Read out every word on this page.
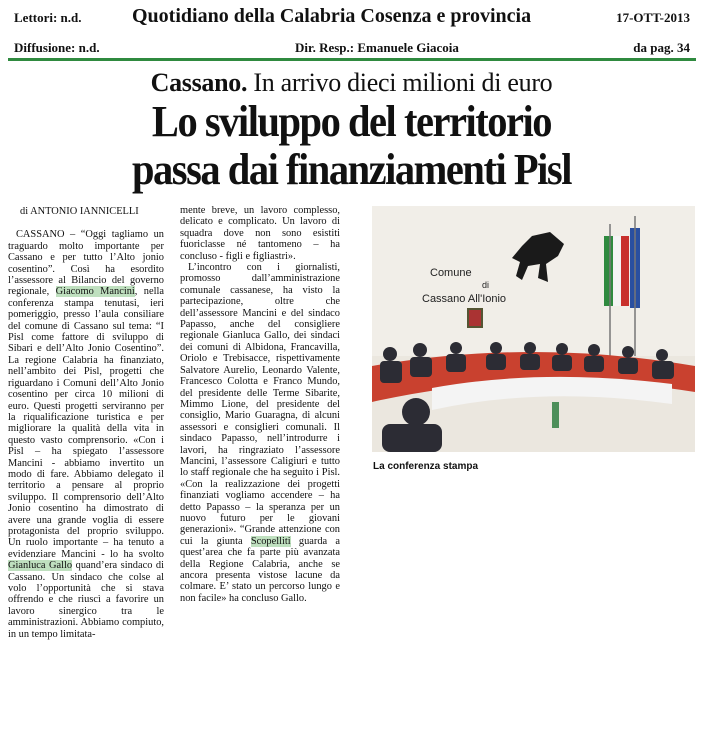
Lettori: n.d.
Diffusione: n.d.
Quotidiano della Calabria Cosenza e provincia
Dir. Resp.: Emanuele Giacoia
17-OTT-2013
da pag. 34
Cassano. In arrivo dieci milioni di euro
Lo sviluppo del territorio
passa dai finanziamenti Pisl
di ANTONIO IANNICELLI

CASSANO – “Oggi tagliamo un traguardo molto importante per Cassano e per tutto l’Alto jonio cosentino”. Così ha esordito l’assessore al Bilancio del governo regionale, Giacomo Mancini, nella conferenza stampa tenutasi, ieri pomeriggio, presso l’aula consiliare del comune di Cassano sul tema: “I Pisl come fattore di sviluppo di Sibari e dell’Alto Jonio Cosentino”. La regione Calabria ha finanziato, nell’ambito dei Pisl, progetti che riguardano i Comuni dell’Alto Jonio cosentino per circa 10 milioni di euro. Questi progetti serviranno per la riqualificazione turistica e per migliorare la qualità della vita in questo vasto comprensorio. «Con i Pisl – ha spiegato l’assessore Mancini - abbiamo invertito un modo di fare. Abbiamo delegato il territorio a pensare al proprio sviluppo. Il comprensorio dell’Alto Jonio cosentino ha dimostrato di avere una grande voglia di essere protagonista del proprio sviluppo. Un ruolo importante – ha tenuto a evidenziare Mancini - lo ha svolto Gianluca Gallo quand’era sindaco di Cassano. Un sindaco che colse al volo l’opportunità che si stava offrendo e che riuscì a favorire un lavoro sinergico tra le amministrazioni. Abbiamo compiuto, in un tempo limitata-

mente breve, un lavoro complesso, delicato e complicato. Un lavoro di squadra dove non sono esistiti fuoriclasse né tantomeno – ha concluso - figli e figliastri».

L’incontro con i giornalisti, promosso dall’amministrazione comunale cassanese, ha visto la partecipazione, oltre che dell’assessore Mancini e del sindaco Papasso, anche del consigliere regionale Gianluca Gallo, dei sindaci dei comuni di Albidona, Francavilla, Oriolo e Trebisacce, rispettivamente Salvatore Aurelio, Leonardo Valente, Francesco Colotta e Franco Mundo, del presidente delle Terme Sibarite, Mimmo Lione, del presidente del consiglio, Mario Guaragna, di alcuni assessori e consiglieri comunali. Il sindaco Papasso, nell’introdurre i lavori, ha ringraziato l’assessore Mancini, l’assessore Caligiuri e tutto lo staff regionale che ha seguito i Pisl. «Con la realizzazione dei progetti finanziati vogliamo accendere – ha detto Papasso – la speranza per un nuovo futuro per le giovani generazioni». “Grande attenzione con cui la giunta Scopelliti guarda a quest’area che fa parte più avanzata della Regione Calabria, anche se ancora presenta vistose lacune da colmare. E’ stato un percorso lungo e non facile» ha concluso Gallo.

Comune
di
Cassano All'Ionio
La conferenza stampa
